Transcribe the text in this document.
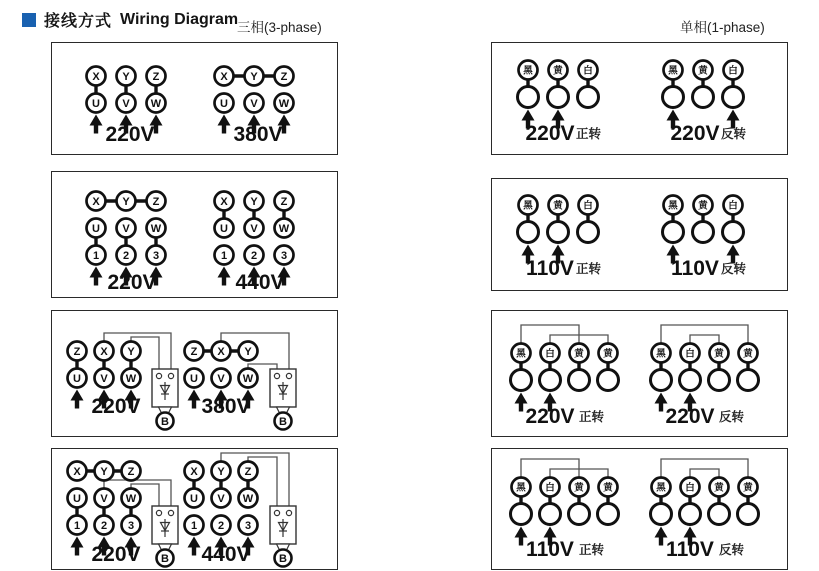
接线方式 Wiring Diagram
三相(3-phase)	单相(1-phase)
X Y Z
U V W
220V
X Y Z
U V W
380V
X Y Z
U V W
1 2 3
220V
X Y Z
U V W
1 2 3
440V
B
Z X Y
U V W
220V
B
Z X Y
U V W
380V
B
X Y Z
U V W
1 2 3
220V	B
X Y Z
U V W
1 2 3
440V
黑 黄 白
220V 正转
黑 黄 白
220V 反转
黑 黄 白
110V 正转
黑 黄 白
110V 反转
黑 白 黄 黄
220V 正转
黑 白 黄 黄
220V 反转
黑 白 黄 黄
110V 正转
黑 白 黄 黄
110V 反转
